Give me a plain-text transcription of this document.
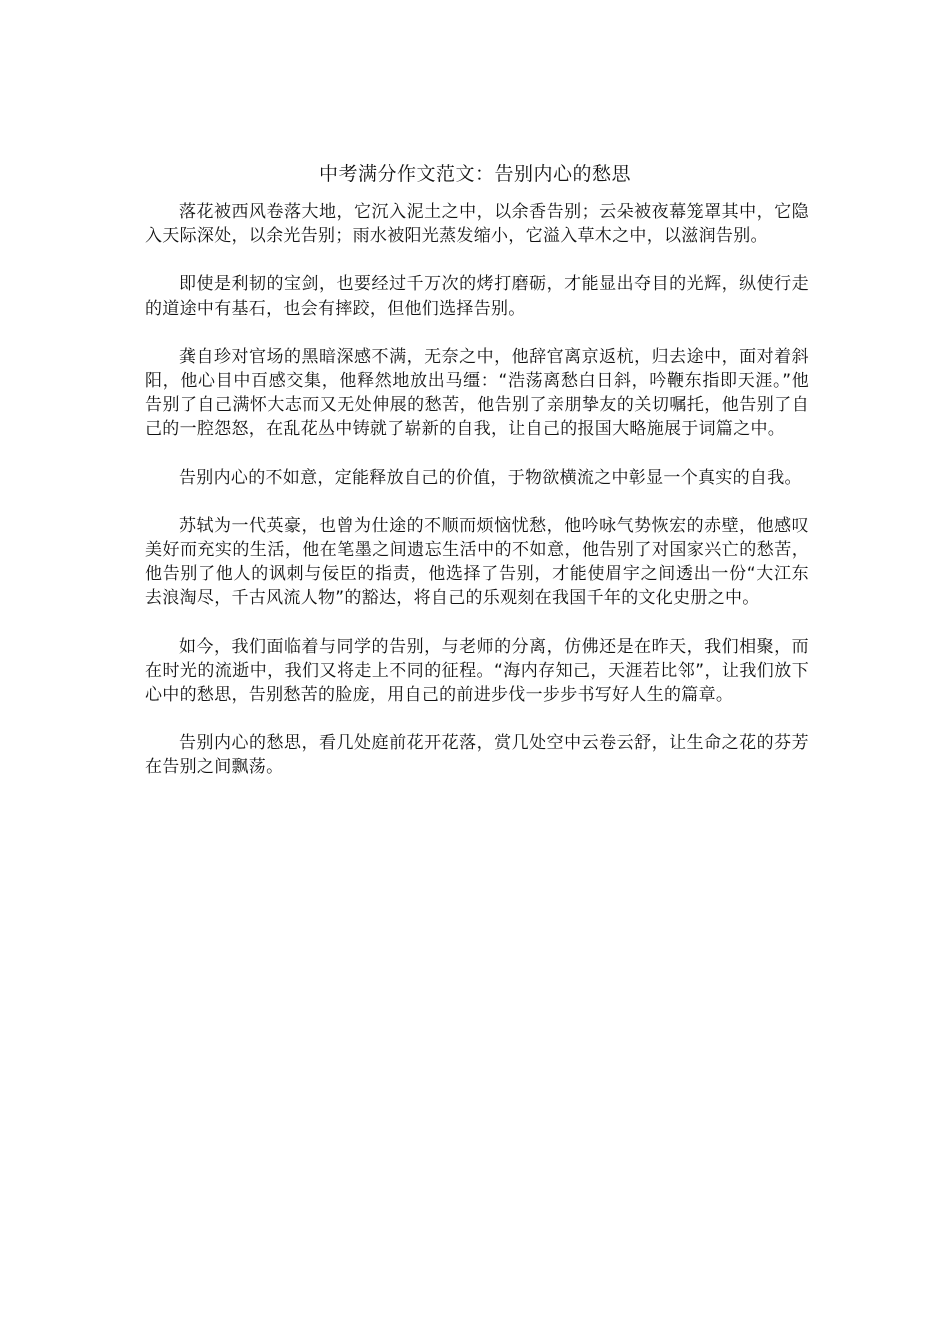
中考满分作文范文：告别内心的愁思

落花被西风卷落大地，它沉入泥土之中，以余香告别；云朵被夜幕笼罩其中，它隐入天际深处，以余光告别；雨水被阳光蒸发缩小，它溢入草木之中，以滋润告别。

即使是利韧的宝剑，也要经过千万次的烤打磨砺，才能显出夺目的光辉，纵使行走的道途中有基石，也会有摔跤，但他们选择告别。

龚自珍对官场的黑暗深感不满，无奈之中，他辞官离京返杭，归去途中，面对着斜阳，他心目中百感交集，他释然地放出马缰：“浩荡离愁白日斜，吟鞭东指即天涯。”他告别了自己满怀大志而又无处伸展的愁苦，他告别了亲朋挚友的关切嘱托，他告别了自己的一腔怨怒，在乱花丛中铸就了崭新的自我，让自己的报国大略施展于词篇之中。

告别内心的不如意，定能释放自己的价值，于物欲横流之中彰显一个真实的自我。

苏轼为一代英豪，也曾为仕途的不顺而烦恼忧愁，他吟咏气势恢宏的赤壁，他感叹美好而充实的生活，他在笔墨之间遗忘生活中的不如意，他告别了对国家兴亡的愁苦，他告别了他人的讽刺与佞臣的指责，他选择了告别，才能使眉宇之间透出一份“大江东去浪淘尽，千古风流人物”的豁达，将自己的乐观刻在我国千年的文化史册之中。

如今，我们面临着与同学的告别，与老师的分离，仿佛还是在昨天，我们相聚，而在时光的流逝中，我们又将走上不同的征程。“海内存知己，天涯若比邻”，让我们放下心中的愁思，告别愁苦的脸庞，用自己的前进步伐一步步书写好人生的篇章。

告别内心的愁思，看几处庭前花开花落，赏几处空中云卷云舒，让生命之花的芬芳在告别之间飘荡。
